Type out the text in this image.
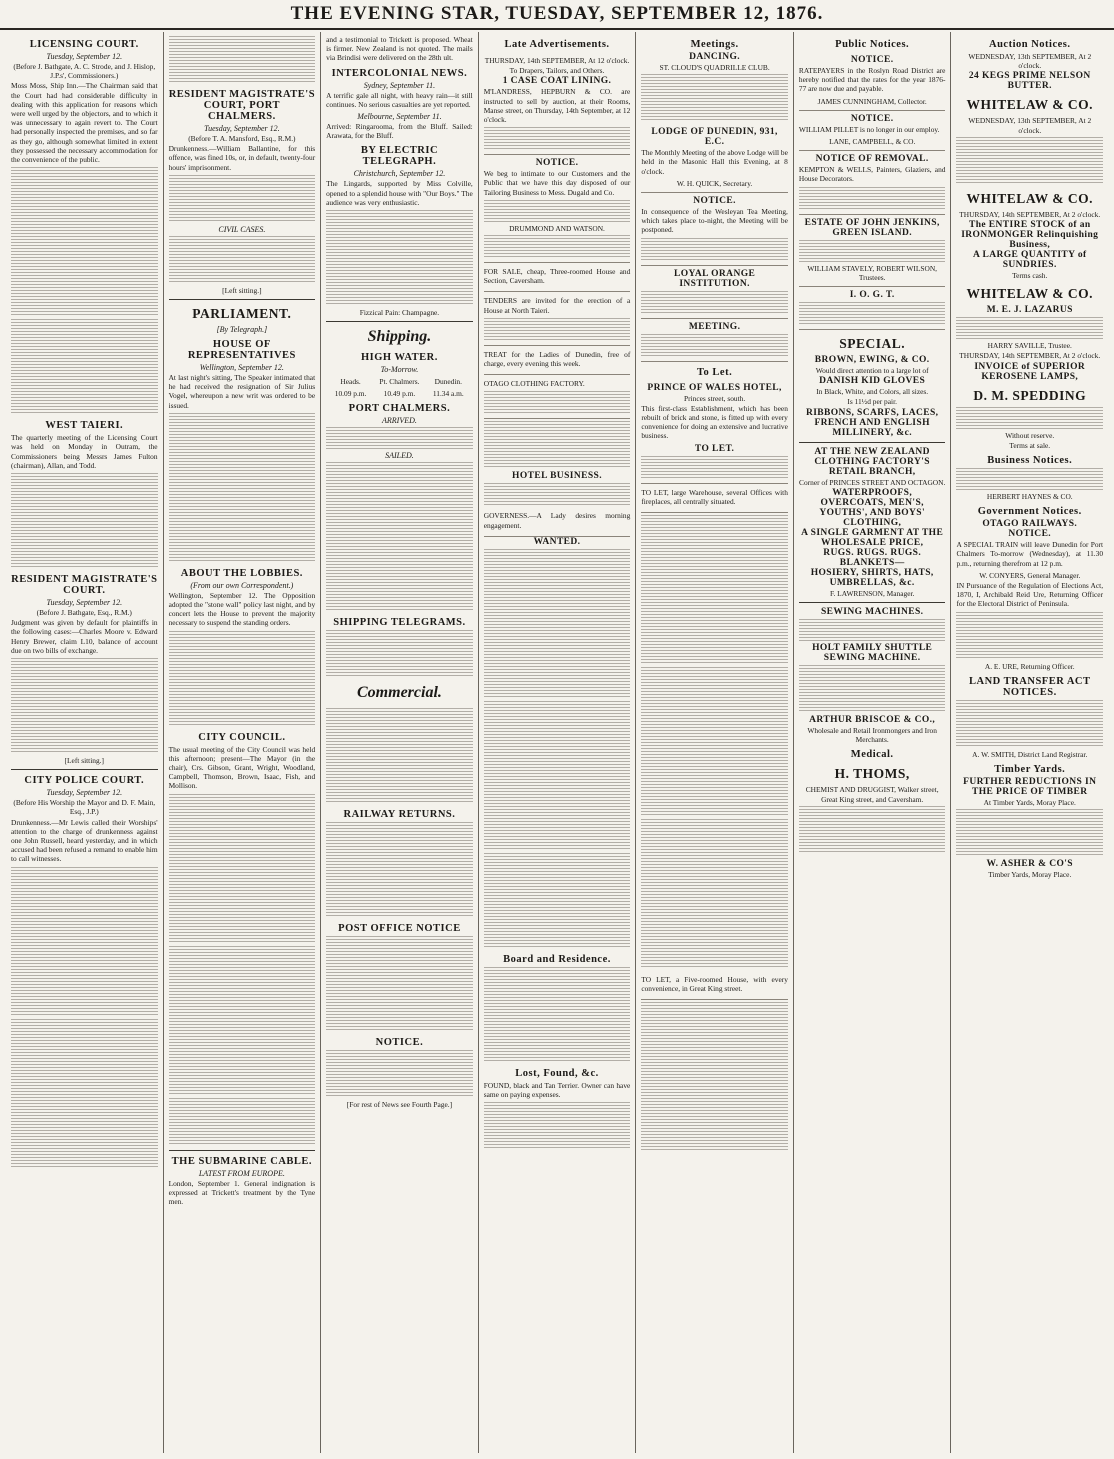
THE EVENING STAR, TUESDAY, SEPTEMBER 12, 1876.
LICENSING COURT.
Tuesday, September 12.
(Before J. Bathgate, A. C. Strode, and J. Hislop, J.P.s', Commissioners.)
Moss Moss, Ship Inn.—The Chairman said that the Court had had considerable difficulty in dealing with this application for reasons which were well urged by the objectors, and to which it was unnecessary to again revert to. The Court had personally inspected the premises, and so far as they go, although somewhat limited in extent they possessed the necessary accommodation for the convenience of the public.
WEST TAIERI.
The quarterly meeting of the Licensing Court was held on Monday in Outram, the Commissioners being Messrs James Fulton (chairman), Allan, and Todd.
RESIDENT MAGISTRATE'S COURT.
Tuesday, September 12.
(Before J. Bathgate, Esq., R.M.)
Judgment was given by default for plaintiffs in the following cases:—Charles Moore v. Edward Henry Brewer, claim L10, balance of account due on two bills of exchange.
[Left sitting.]
CITY POLICE COURT.
Tuesday, September 12.
(Before His Worship the Mayor and D. F. Main, Esq., J.P.)
Drunkenness.—Mr Lewis called their Worships' attention to the charge of drunkenness against one John Russell, heard yesterday, and in which accused had been refused a remand to enable him to call witnesses.
RESIDENT MAGISTRATE'S COURT, PORT CHALMERS.
Tuesday, September 12.
(Before T. A. Mansford, Esq., R.M.)
Drunkenness.—William Ballantine, for this offence, was fined 10s, or, in default, twenty-four hours' imprisonment.
CIVIL CASES.
[Left sitting.]
PARLIAMENT.
[By Telegraph.]
HOUSE OF REPRESENTATIVES
Wellington, September 12.
At last night's sitting, The Speaker intimated that he had received the resignation of Sir Julius Vogel, whereupon a new writ was ordered to be issued.
ABOUT THE LOBBIES.
(From our own Correspondent.)
Wellington, September 12. The Opposition adopted the "stone wall" policy last night, and by concert lets the House to prevent the majority necessary to suspend the standing orders.
CITY COUNCIL.
The usual meeting of the City Council was held this afternoon; present—The Mayor (in the chair), Crs. Gibson, Grant, Wright, Woodland, Campbell, Thomson, Brown, Isaac, Fish, and Mollison.
THE SUBMARINE CABLE.
LATEST FROM EUROPE.
London, September 1. General indignation is expressed at Trickett's treatment by the Tyne men.
and a testimonial to Trickett is proposed. Wheat is firmer. New Zealand is not quoted. The mails via Brindisi were delivered on the 28th ult.
INTERCOLONIAL NEWS.
Sydney, September 11.
A terrific gale all night, with heavy rain—it still continues. No serious casualties are yet reported.
Melbourne, September 11.
Arrived: Ringarooma, from the Bluff. Sailed: Arawata, for the Bluff.
BY ELECTRIC TELEGRAPH.
Christchurch, September 12.
The Lingards, supported by Miss Colville, opened to a splendid house with "Our Boys." The audience was very enthusiastic.
Fizzical Pain: Champagne.
Shipping.
HIGH WATER.
To-Morrow.
Heads.	Pt. Chalmers.	Dunedin.
10.09 p.m.	10.49 p.m.	11.34 a.m.
PORT CHALMERS.
ARRIVED.
SAILED.
SHIPPING TELEGRAMS.
Commercial.
RAILWAY RETURNS.
POST OFFICE NOTICE
NOTICE.
[For rest of News see Fourth Page.]
Late Advertisements.
THURSDAY, 14th SEPTEMBER, At 12 o'clock.
To Drapers, Tailors, and Others.
1 CASE COAT LINING.
M'LANDRESS, HEPBURN & CO. are instructed to sell by auction, at their Rooms, Manse street, on Thursday, 14th September, at 12 o'clock.
NOTICE.
We beg to intimate to our Customers and the Public that we have this day disposed of our Tailoring Business to Mess. Dugald and Co.
DRUMMOND AND WATSON.
FOR SALE, cheap, Three-roomed House and Section, Caversham.
TENDERS are invited for the erection of a House at North Taieri.
TREAT for the Ladies of Dunedin, free of charge, every evening this week.
OTAGO CLOTHING FACTORY.
HOTEL BUSINESS.
GOVERNESS.—A Lady desires morning engagement.
WANTED.
Board and Residence.
Lost, Found, &c.
FOUND, black and Tan Terrier. Owner can have same on paying expenses.
Meetings.
DANCING.
ST. CLOUD'S QUADRILLE CLUB.
LODGE OF DUNEDIN, 931, E.C.
The Monthly Meeting of the above Lodge will be held in the Masonic Hall this Evening, at 8 o'clock.
W. H. QUICK, Secretary.
NOTICE.
In consequence of the Wesleyan Tea Meeting, which takes place to-night, the Meeting will be postponed.
LOYAL ORANGE INSTITUTION.
MEETING.
To Let.
PRINCE OF WALES HOTEL,
Princes street, south.
This first-class Establishment, which has been rebuilt of brick and stone, is fitted up with every convenience for doing an extensive and lucrative business.
TO LET.
TO LET, large Warehouse, several Offices with fireplaces, all centrally situated.
TO LET, a Five-roomed House, with every convenience, in Great King street.
Public Notices.
NOTICE.
RATEPAYERS in the Roslyn Road District are hereby notified that the rates for the year 1876-77 are now due and payable.
JAMES CUNNINGHAM, Collector.
NOTICE.
WILLIAM PILLET is no longer in our employ.
LANE, CAMPBELL, & CO.
NOTICE OF REMOVAL.
KEMPTON & WELLS, Painters, Glaziers, and House Decorators.
ESTATE OF JOHN JENKINS, GREEN ISLAND.
WILLIAM STAVELY, ROBERT WILSON, Trustees.
I. O. G. T.
SPECIAL.
BROWN, EWING, & CO.
Would direct attention to a large lot of
DANISH KID GLOVES
In Black, White, and Colors, all sizes.
Is 11½d per pair.
RIBBONS, SCARFS, LACES,
FRENCH AND ENGLISH MILLINERY, &c.
AT THE NEW ZEALAND CLOTHING FACTORY'S RETAIL BRANCH,
Corner of PRINCES STREET AND OCTAGON.
WATERPROOFS, OVERCOATS, MEN'S, YOUTHS', AND BOYS' CLOTHING,
A SINGLE GARMENT AT THE WHOLESALE PRICE,
RUGS. RUGS. RUGS.
BLANKETS—
HOSIERY, SHIRTS, HATS, UMBRELLAS, &c.
F. LAWRENSON, Manager.
SEWING MACHINES.
HOLT FAMILY SHUTTLE SEWING MACHINE.
ARTHUR BRISCOE & CO.,
Wholesale and Retail Ironmongers and Iron Merchants.
Medical.
H. THOMS,
CHEMIST AND DRUGGIST, Walker street, Great King street, and Caversham.
Auction Notices.
WEDNESDAY, 13th SEPTEMBER, At 2 o'clock.
24 KEGS PRIME NELSON BUTTER.
WHITELAW & CO.
WEDNESDAY, 13th SEPTEMBER, At 2 o'clock.
WHITELAW & CO.
THURSDAY, 14th SEPTEMBER, At 2 o'clock.
The ENTIRE STOCK of an IRONMONGER Relinquishing Business,
A LARGE QUANTITY of SUNDRIES.
Terms cash.
WHITELAW & CO.
M. E. J. LAZARUS
HARRY SAVILLE, Trustee.
THURSDAY, 14th SEPTEMBER, At 2 o'clock.
INVOICE of SUPERIOR KEROSENE LAMPS,
D. M. SPEDDING
Without reserve.
Terms at sale.
Business Notices.
HERBERT HAYNES & CO.
Government Notices.
OTAGO RAILWAYS.
NOTICE.
A SPECIAL TRAIN will leave Dunedin for Port Chalmers To-morrow (Wednesday), at 11.30 p.m., returning therefrom at 12 p.m.
W. CONYERS, General Manager.
IN Pursuance of the Regulation of Elections Act, 1870, I, Archibald Reid Ure, Returning Officer for the Electoral District of Peninsula.
A. E. URE, Returning Officer.
LAND TRANSFER ACT NOTICES.
A. W. SMITH, District Land Registrar.
Timber Yards.
FURTHER REDUCTIONS IN THE PRICE OF TIMBER
At Timber Yards, Moray Place.
W. ASHER & CO'S
Timber Yards, Moray Place.
